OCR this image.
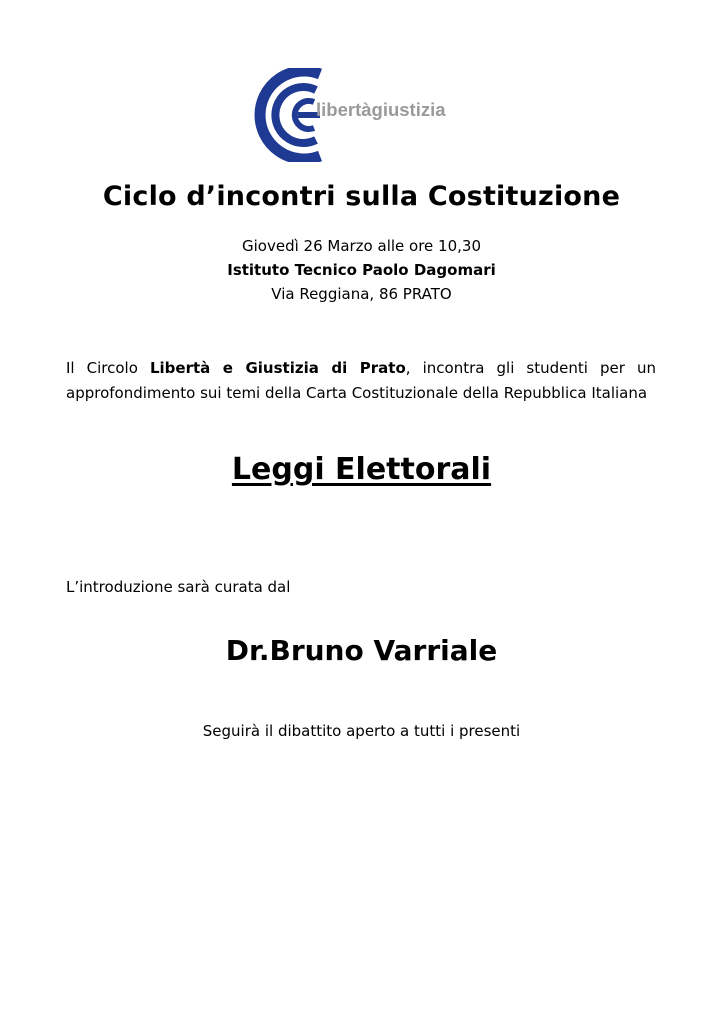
libertàgiustizia
Ciclo d’incontri sulla Costituzione
Giovedì 26 Marzo alle ore 10,30
Istituto Tecnico Paolo Dagomari
Via Reggiana, 86 PRATO
Il Circolo Libertà e Giustizia di Prato, incontra gli studenti per un approfondimento sui temi della Carta Costituzionale della Repubblica Italiana
Leggi Elettorali
L’introduzione sarà curata dal
Dr.Bruno Varriale
Seguirà il dibattito aperto a tutti i presenti
